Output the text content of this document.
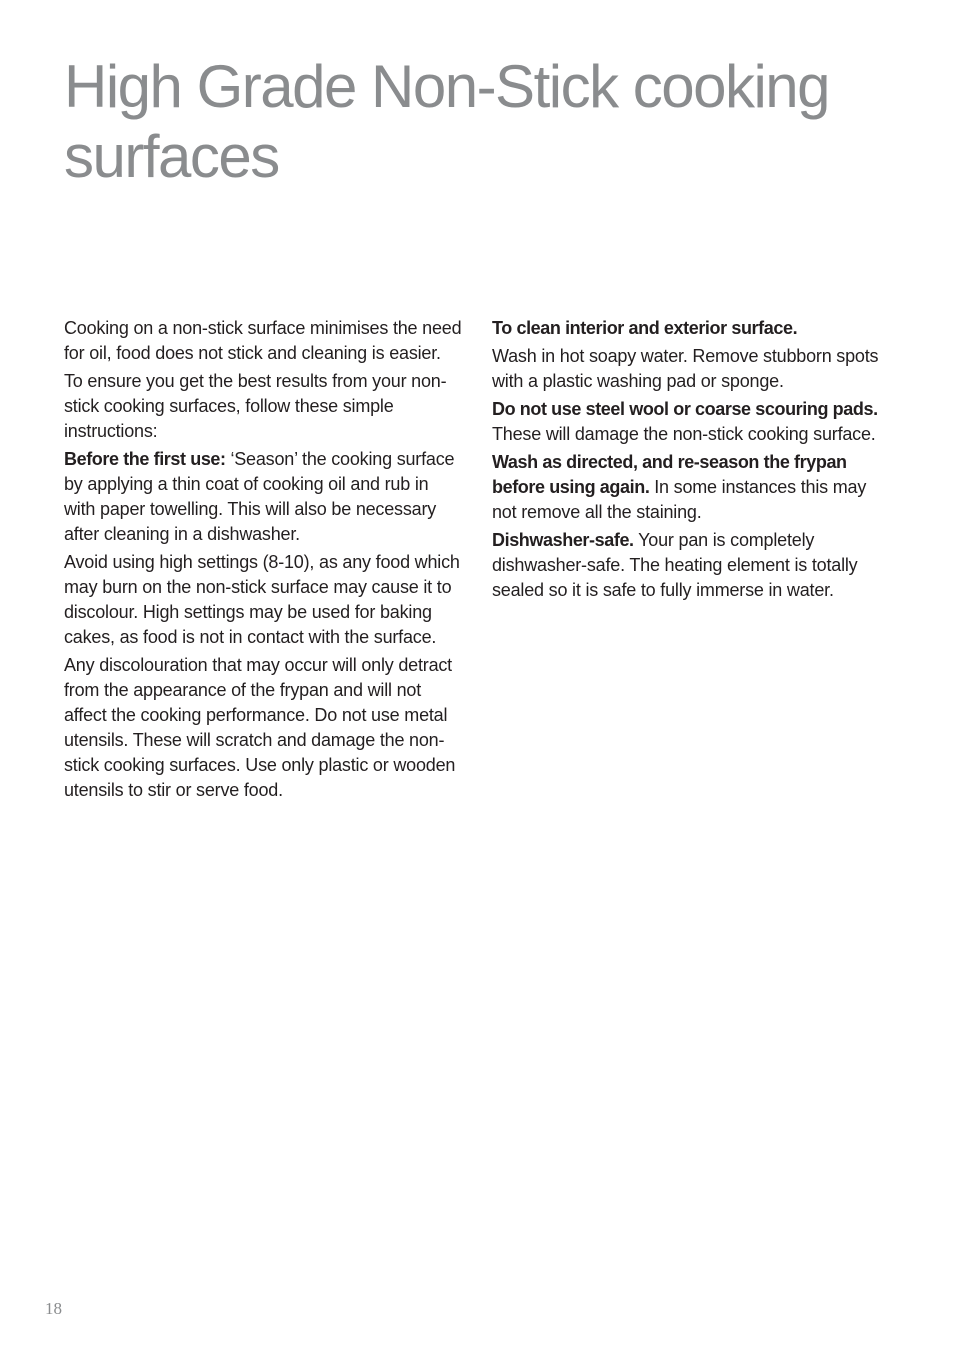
High Grade Non-Stick cooking surfaces

Cooking on a non-stick surface minimises the need for oil, food does not stick and cleaning is easier.

To ensure you get the best results from your non-stick cooking surfaces, follow these simple instructions:

Before the first use: ‘Season’ the cooking surface by applying a thin coat of cooking oil and rub in with paper towelling. This will also be necessary after cleaning in a dishwasher.

Avoid using high settings (8-10), as any food which may burn on the non-stick surface may cause it to discolour. High settings may be used for baking cakes, as food is not in contact with the surface.

Any discolouration that may occur will only detract from the appearance of the frypan and will not affect the cooking performance. Do not use metal utensils. These will scratch and damage the non-stick cooking surfaces. Use only plastic or wooden utensils to stir or serve food.

To clean interior and exterior surface.

Wash in hot soapy water. Remove stubborn spots with a plastic washing pad or sponge.

Do not use steel wool or coarse scouring pads. These will damage the non-stick cooking surface.

Wash as directed, and re-season the frypan before using again. In some instances this may not remove all the staining.

Dishwasher-safe. Your pan is completely dishwasher-safe. The heating element is totally sealed so it is safe to fully immerse in water.

18
